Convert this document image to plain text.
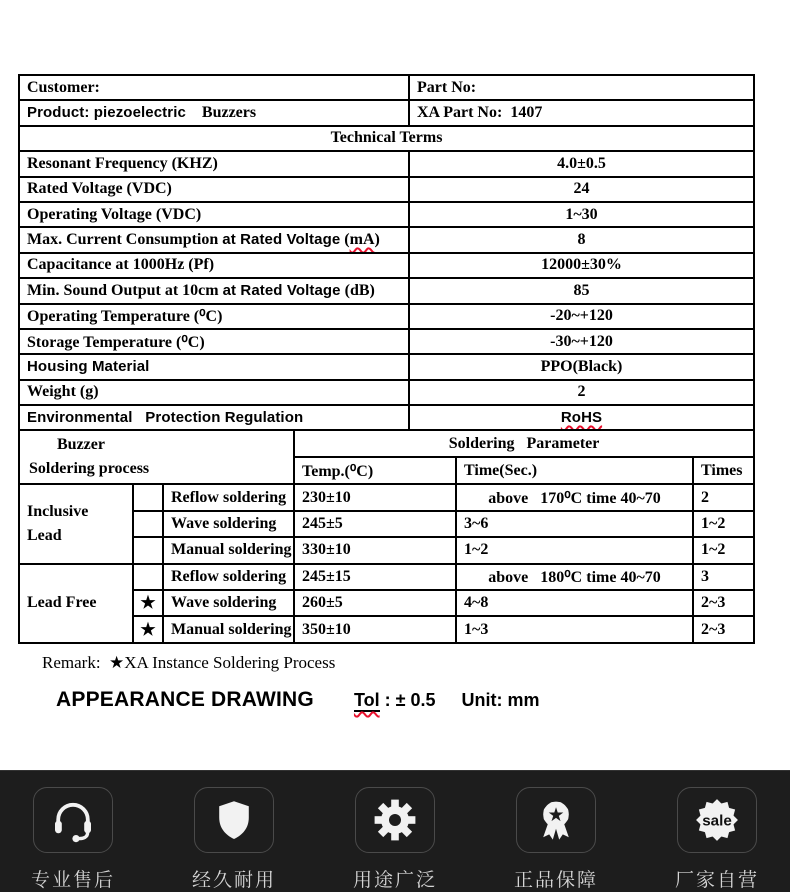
Customer:	Part No:
Product: piezoelectric    Buzzers	XA Part No:  1407
Technical Terms	
Resonant Frequency (KHZ)	4.0±0.5
Rated Voltage (VDC)	24
Operating Voltage (VDC)	1~30
Max. Current Consumption at Rated Voltage (mA)	8
Capacitance at 1000Hz (Pf)	12000±30%
Min. Sound Output at 10cm at Rated Voltage (dB)	85
Operating Temperature (⁰C)	-20~+120
Storage Temperature (⁰C)	-30~+120
Housing Material	PPO(Black)
Weight (g)	2
Environmental   Protection Regulation	RoHS
Buzzer
Soldering process			Soldering   Parameter		
			Temp.(⁰C)	Time(Sec.)	Times

Inclusive
Lead		Reflow soldering	230±10	above   170⁰C time 40~70	2
		Wave soldering	245±5	3~6	1~2
		Manual soldering	330±10	1~2	1~2

Lead Free		Reflow soldering	245±15	above   180⁰C time 40~70	3
	★	Wave soldering	260±5	4~8	2~3
	★	Manual soldering	350±10	1~3	2~3
Remark:  ★XA Instance Soldering Process
APPEARANCE DRAWING Tol : ± 0.5 Unit: mm
专业售后	经久耐用	用途广泛
★
正品保障
sale
厂家自营
